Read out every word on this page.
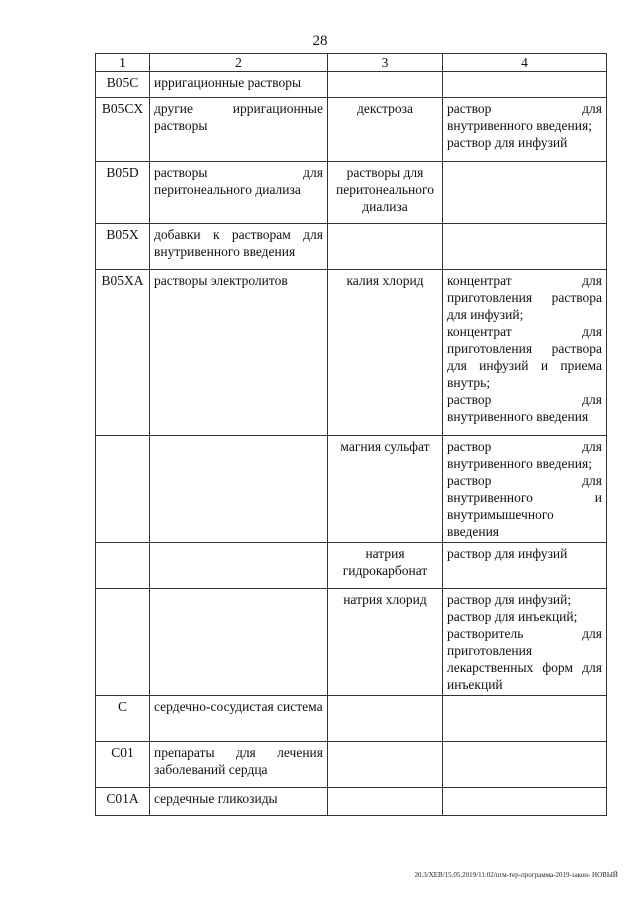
28
1	2	3	4
B05C	ирригационные растворы		
B05CX	другие ирригационные растворы	декстроза	раствор для внутривенного введения;
раствор для инфузий

B05D	растворы для перитонеального диализа	растворы для перитонеального диализа	
B05X	добавки к растворам для внутривенного введения		
B05XA	растворы электролитов	калия хлорид	концентрат для приготовления раствора для инфузий;
концентрат для приготовления раствора для инфузий и приема внутрь;
раствор для внутривенного введения

		магния сульфат	раствор для внутривенного введения;
раствор для внутривенного и внутримышечного введения

		натрия гидрокарбонат	раствор для инфузий

		натрия хлорид	раствор для инфузий;
раствор для инъекций;
растворитель для приготовления лекарственных форм для инъекций

C	сердечно-сосудистая система		
C01	препараты для лечения заболеваний сердца		
C01A	сердечные гликозиды		
20.3/ХЕВ/15.05.2019/11:02/пгм-тер-программа-2019-закон- НОВЫЙ
